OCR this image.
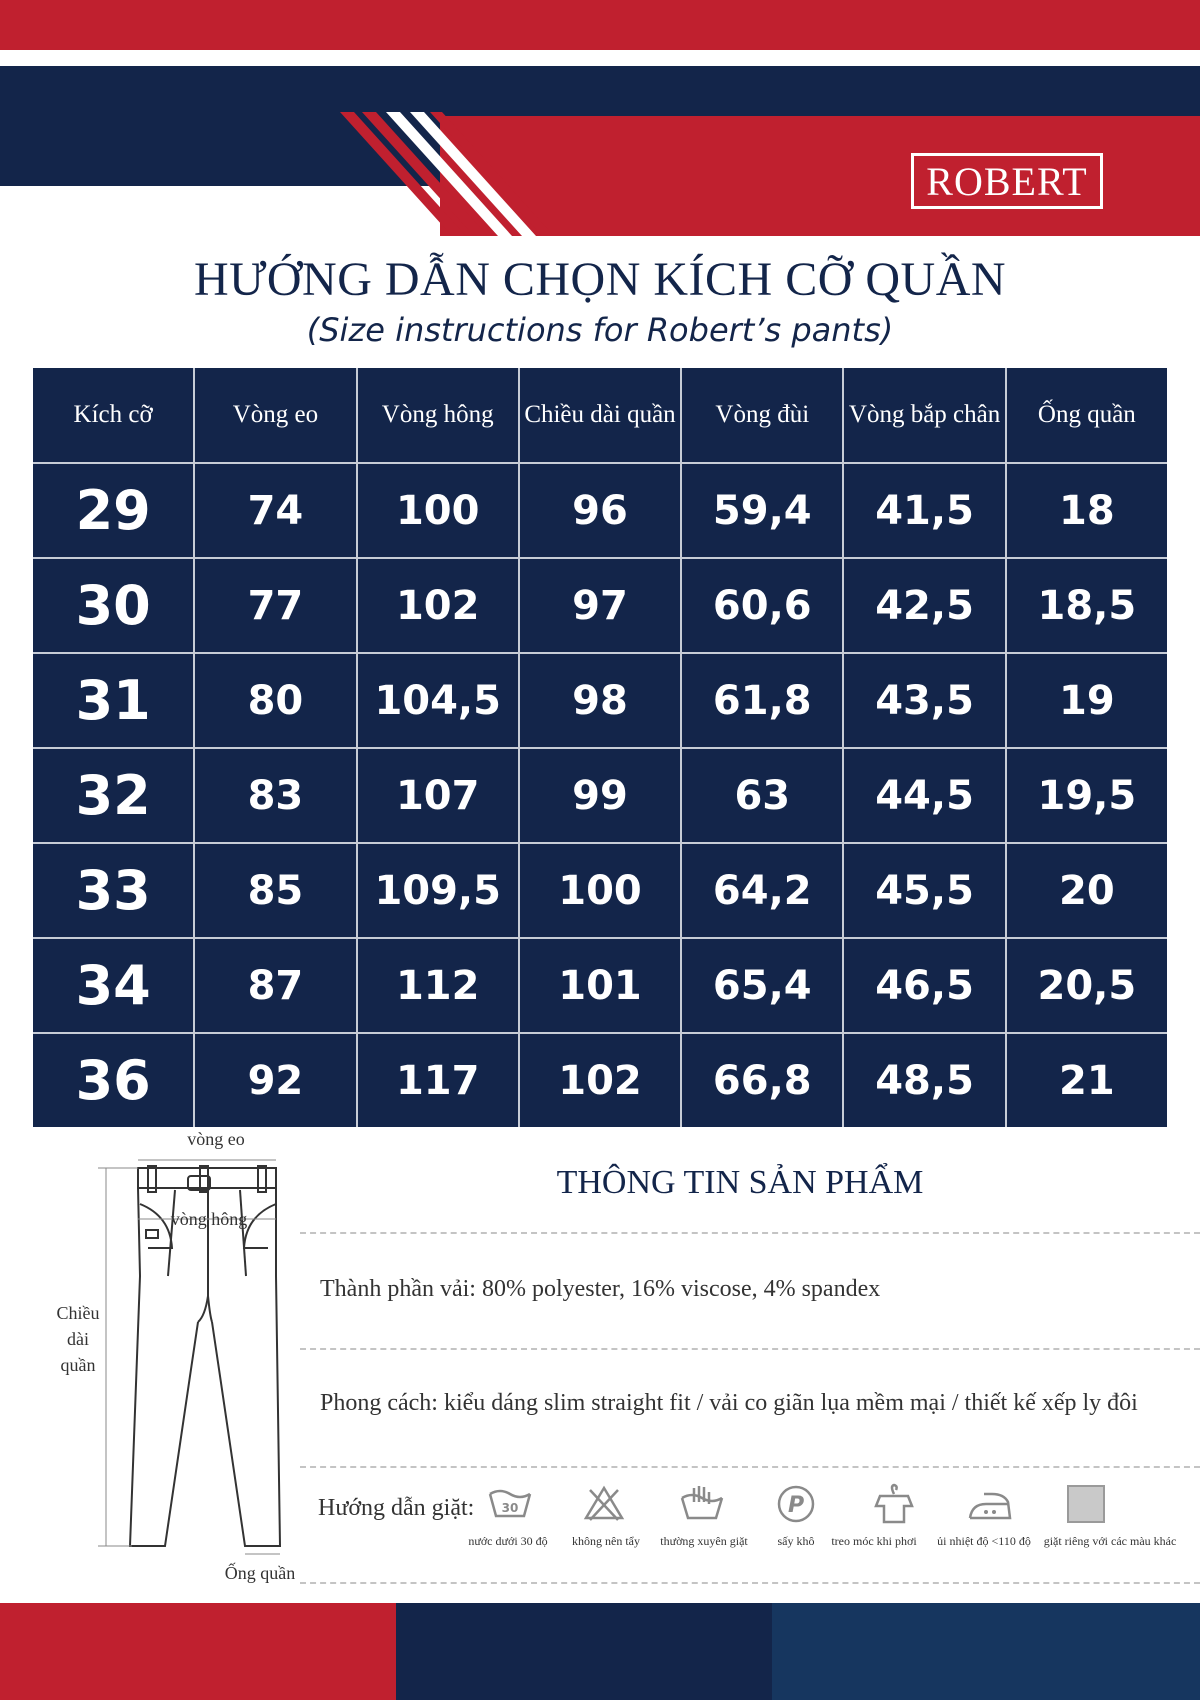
ROBERT
HƯỚNG DẪN CHỌN KÍCH CỠ QUẦN
(Size instructions for Robert’s pants)
Kích cỡ	Vòng eo	Vòng hông	Chiều dài quần	Vòng đùi	Vòng bắp chân	Ống quần
29	74	100	96	59,4	41,5	18
30	77	102	97	60,6	42,5	18,5
31	80	104,5	98	61,8	43,5	19
32	83	107	99	63	44,5	19,5
33	85	109,5	100	64,2	45,5	20
34	87	112	101	65,4	46,5	20,5
36	92	117	102	66,8	48,5	21
vòng eo
vòng hông
Chiều
dài
quần
Ống quần
THÔNG TIN SẢN PHẨM
Thành phần vải: 80% polyester, 16% viscose, 4% spandex
Phong cách: kiểu dáng slim straight fit / vải co giãn lụa mềm mại / thiết kế xếp ly đôi
Hướng dẫn giặt: 30	P
nước dưới 30 độ không nên tẩy thường xuyên giặt sấy khô treo móc khi phơi ủi nhiệt độ <110 độ giặt riêng với các màu khác
